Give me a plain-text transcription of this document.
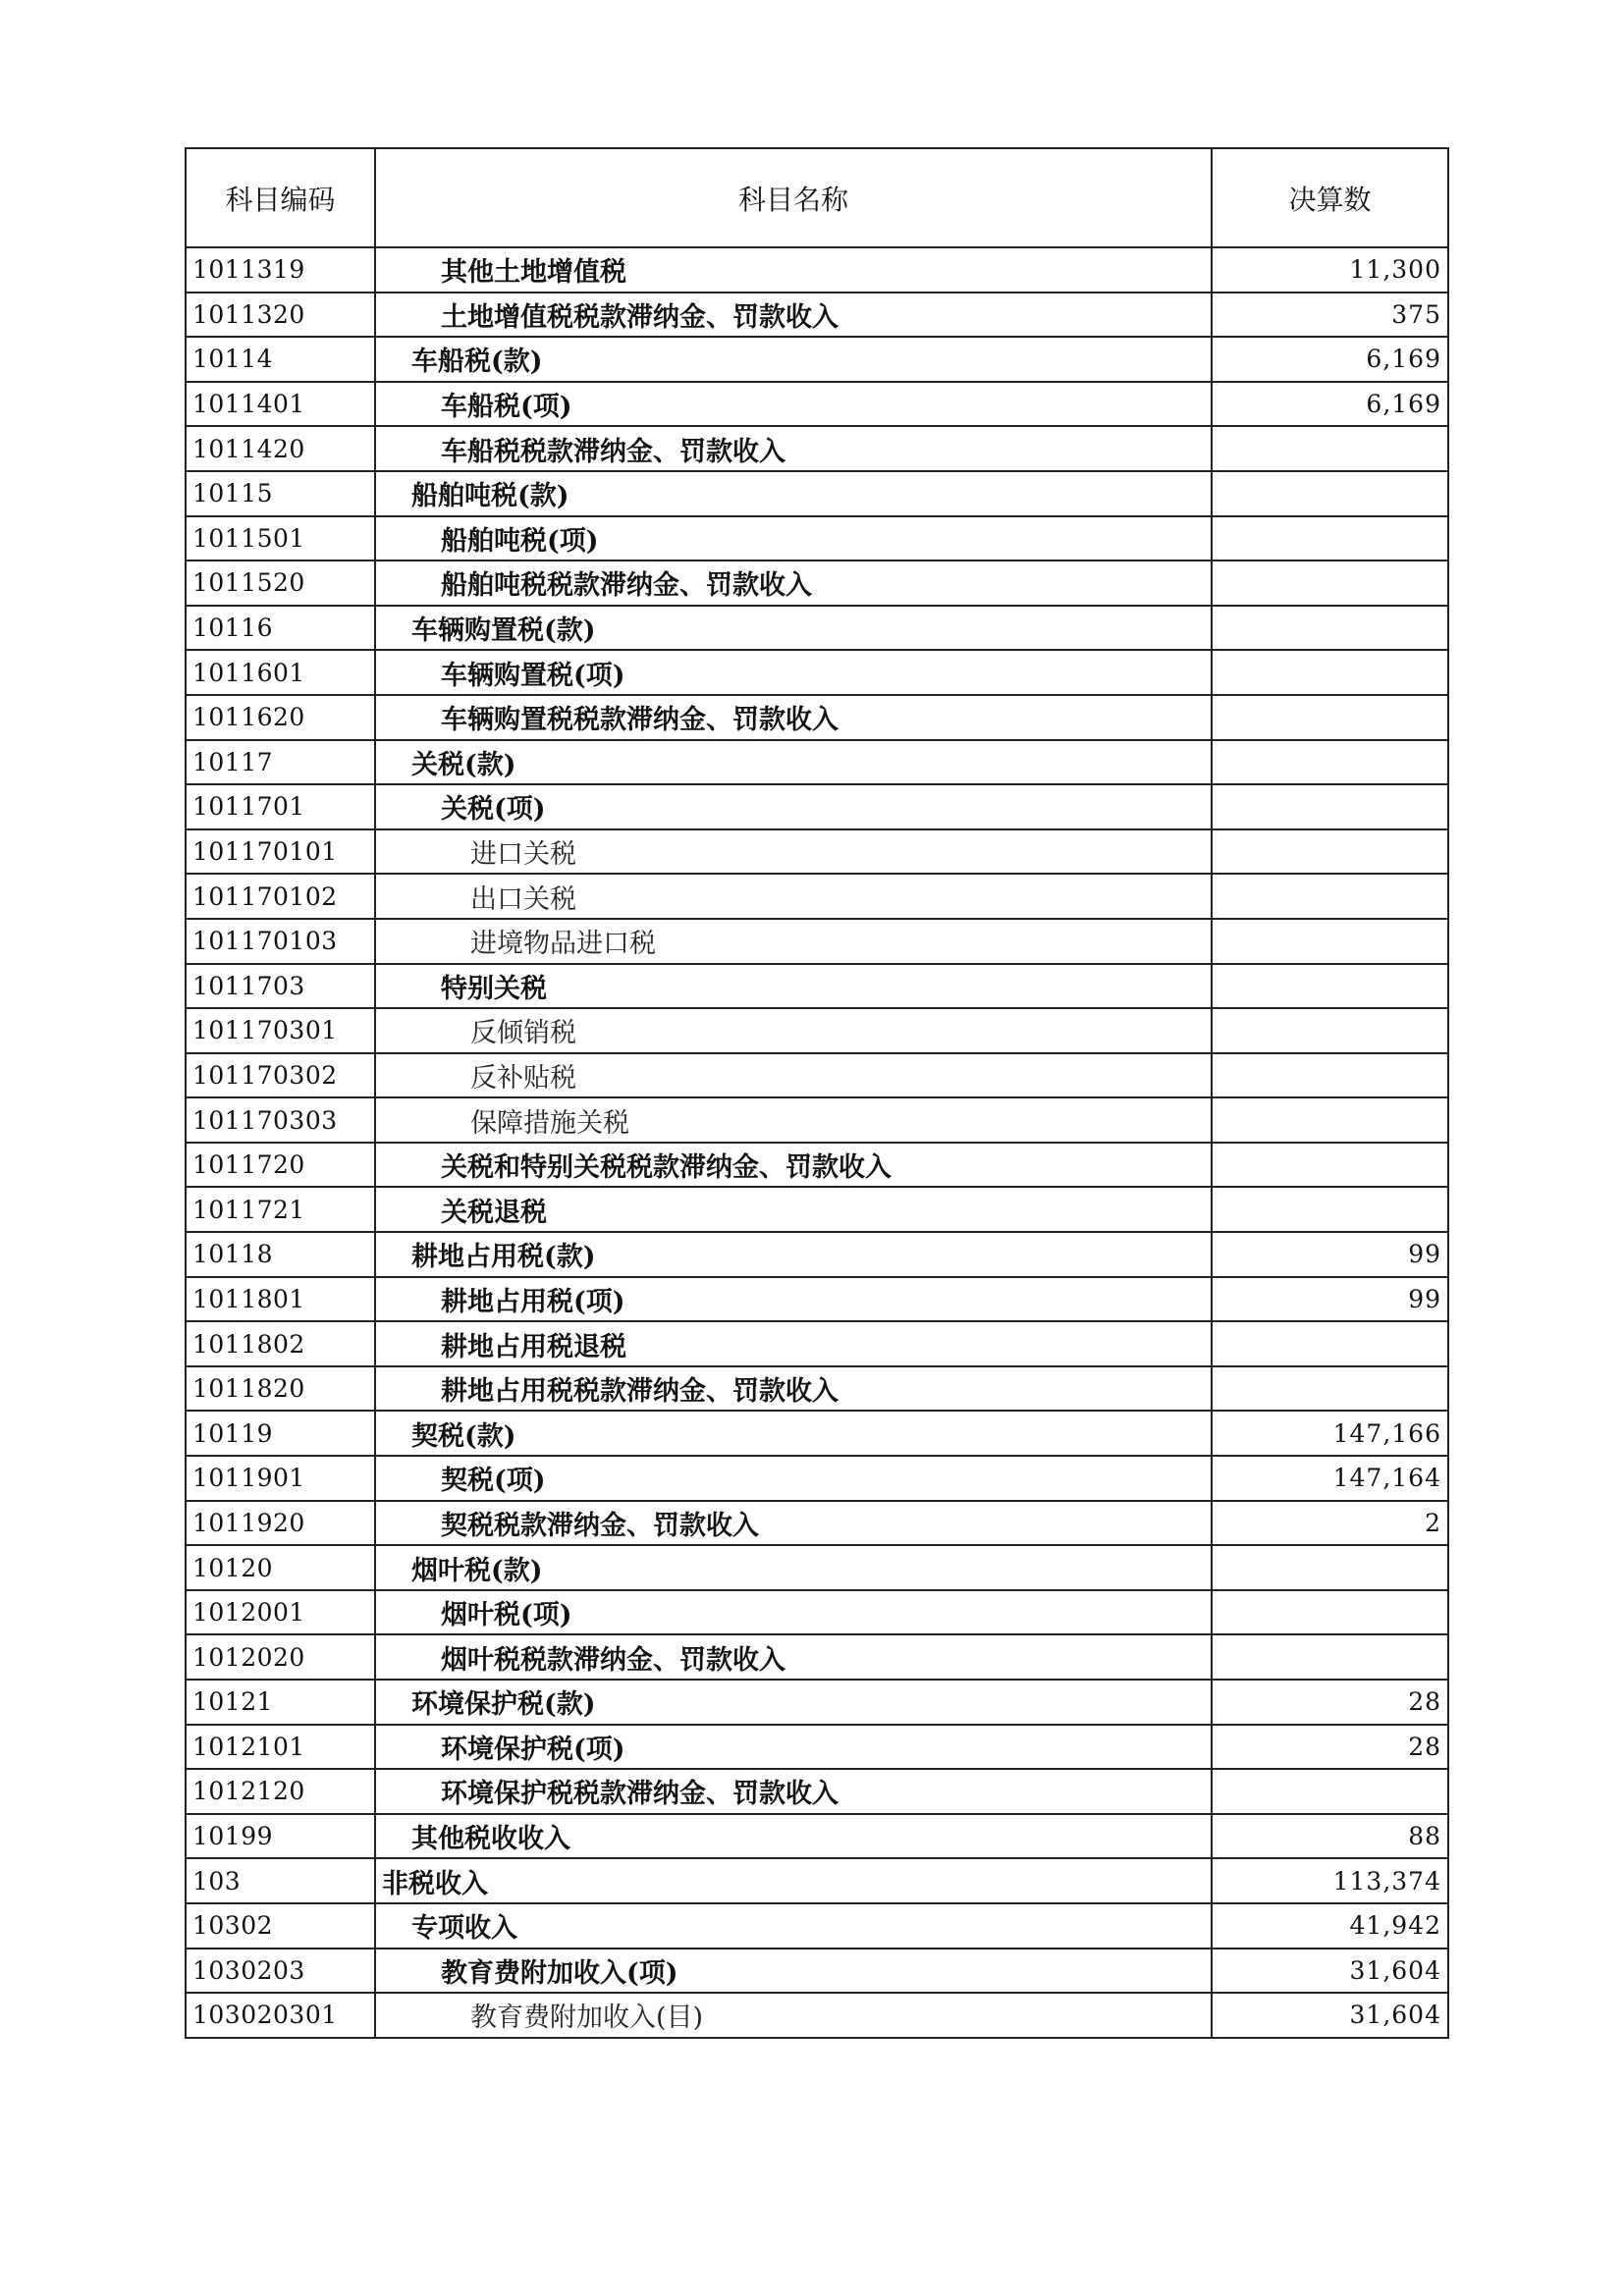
科目编码	科目名称	决算数
1011319	其他土地增值税	11,300
1011320	土地增值税税款滞纳金、罚款收入	375
10114	车船税(款)	6,169
1011401	车船税(项)	6,169
1011420	车船税税款滞纳金、罚款收入	
10115	船舶吨税(款)	
1011501	船舶吨税(项)	
1011520	船舶吨税税款滞纳金、罚款收入	
10116	车辆购置税(款)	
1011601	车辆购置税(项)	
1011620	车辆购置税税款滞纳金、罚款收入	
10117	关税(款)	
1011701	关税(项)	
101170101	进口关税	
101170102	出口关税	
101170103	进境物品进口税	
1011703	特别关税	
101170301	反倾销税	
101170302	反补贴税	
101170303	保障措施关税	
1011720	关税和特别关税税款滞纳金、罚款收入	
1011721	关税退税	
10118	耕地占用税(款)	99
1011801	耕地占用税(项)	99
1011802	耕地占用税退税	
1011820	耕地占用税税款滞纳金、罚款收入	
10119	契税(款)	147,166
1011901	契税(项)	147,164
1011920	契税税款滞纳金、罚款收入	2
10120	烟叶税(款)	
1012001	烟叶税(项)	
1012020	烟叶税税款滞纳金、罚款收入	
10121	环境保护税(款)	28
1012101	环境保护税(项)	28
1012120	环境保护税税款滞纳金、罚款收入	
10199	其他税收收入	88
103	非税收入	113,374
10302	专项收入	41,942
1030203	教育费附加收入(项)	31,604
103020301	教育费附加收入(目)	31,604
